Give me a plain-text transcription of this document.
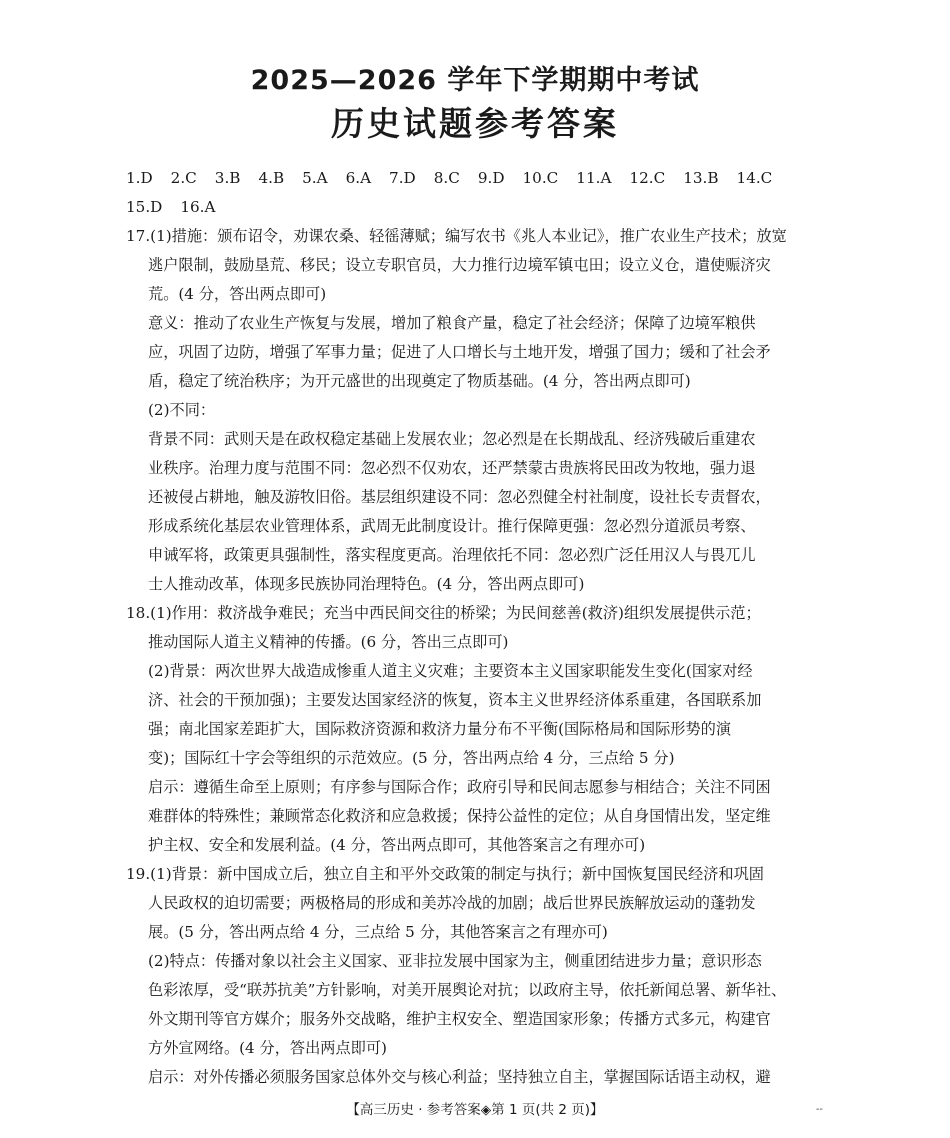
2025—2026 学年下学期期中考试
历史试题参考答案
1.D 2.C 3.B 4.B 5.A 6.A 7.D 8.C 9.D 10.C 11.A 12.C 13.B 14.C
15.D 16.A
17.(1)措施：颁布诏令，劝课农桑、轻徭薄赋；编写农书《兆人本业记》，推广农业生产技术；放宽
逃户限制，鼓励垦荒、移民；设立专职官员，大力推行边境军镇屯田；设立义仓，遣使赈济灾
荒。(4 分，答出两点即可)
意义：推动了农业生产恢复与发展，增加了粮食产量，稳定了社会经济；保障了边境军粮供
应，巩固了边防，增强了军事力量；促进了人口增长与土地开发，增强了国力；缓和了社会矛
盾，稳定了统治秩序；为开元盛世的出现奠定了物质基础。(4 分，答出两点即可)
(2)不同：
背景不同：武则天是在政权稳定基础上发展农业；忽必烈是在长期战乱、经济残破后重建农
业秩序。治理力度与范围不同：忽必烈不仅劝农，还严禁蒙古贵族将民田改为牧地，强力退
还被侵占耕地，触及游牧旧俗。基层组织建设不同：忽必烈健全村社制度，设社长专责督农，
形成系统化基层农业管理体系，武周无此制度设计。推行保障更强：忽必烈分道派员考察、
申诫军将，政策更具强制性，落实程度更高。治理依托不同：忽必烈广泛任用汉人与畏兀儿
士人推动改革，体现多民族协同治理特色。(4 分，答出两点即可)
18.(1)作用：救济战争难民；充当中西民间交往的桥梁；为民间慈善(救济)组织发展提供示范；
推动国际人道主义精神的传播。(6 分，答出三点即可)
(2)背景：两次世界大战造成惨重人道主义灾难；主要资本主义国家职能发生变化(国家对经
济、社会的干预加强)；主要发达国家经济的恢复，资本主义世界经济体系重建，各国联系加
强；南北国家差距扩大，国际救济资源和救济力量分布不平衡(国际格局和国际形势的演
变)；国际红十字会等组织的示范效应。(5 分，答出两点给 4 分，三点给 5 分)
启示：遵循生命至上原则；有序参与国际合作；政府引导和民间志愿参与相结合；关注不同困
难群体的特殊性；兼顾常态化救济和应急救援；保持公益性的定位；从自身国情出发，坚定维
护主权、安全和发展利益。(4 分，答出两点即可，其他答案言之有理亦可)
19.(1)背景：新中国成立后，独立自主和平外交政策的制定与执行；新中国恢复国民经济和巩固
人民政权的迫切需要；两极格局的形成和美苏冷战的加剧；战后世界民族解放运动的蓬勃发
展。(5 分，答出两点给 4 分，三点给 5 分，其他答案言之有理亦可)
(2)特点：传播对象以社会主义国家、亚非拉发展中国家为主，侧重团结进步力量；意识形态
色彩浓厚，受“联苏抗美”方针影响，对美开展舆论对抗；以政府主导，依托新闻总署、新华社、
外文期刊等官方媒介；服务外交战略，维护主权安全、塑造国家形象；传播方式多元，构建官
方外宣网络。(4 分，答出两点即可)
启示：对外传播必须服务国家总体外交与核心利益；坚持独立自主，掌握国际话语主动权，避
【高三历史 · 参考答案◈第 1 页(共 2 页)】	--
